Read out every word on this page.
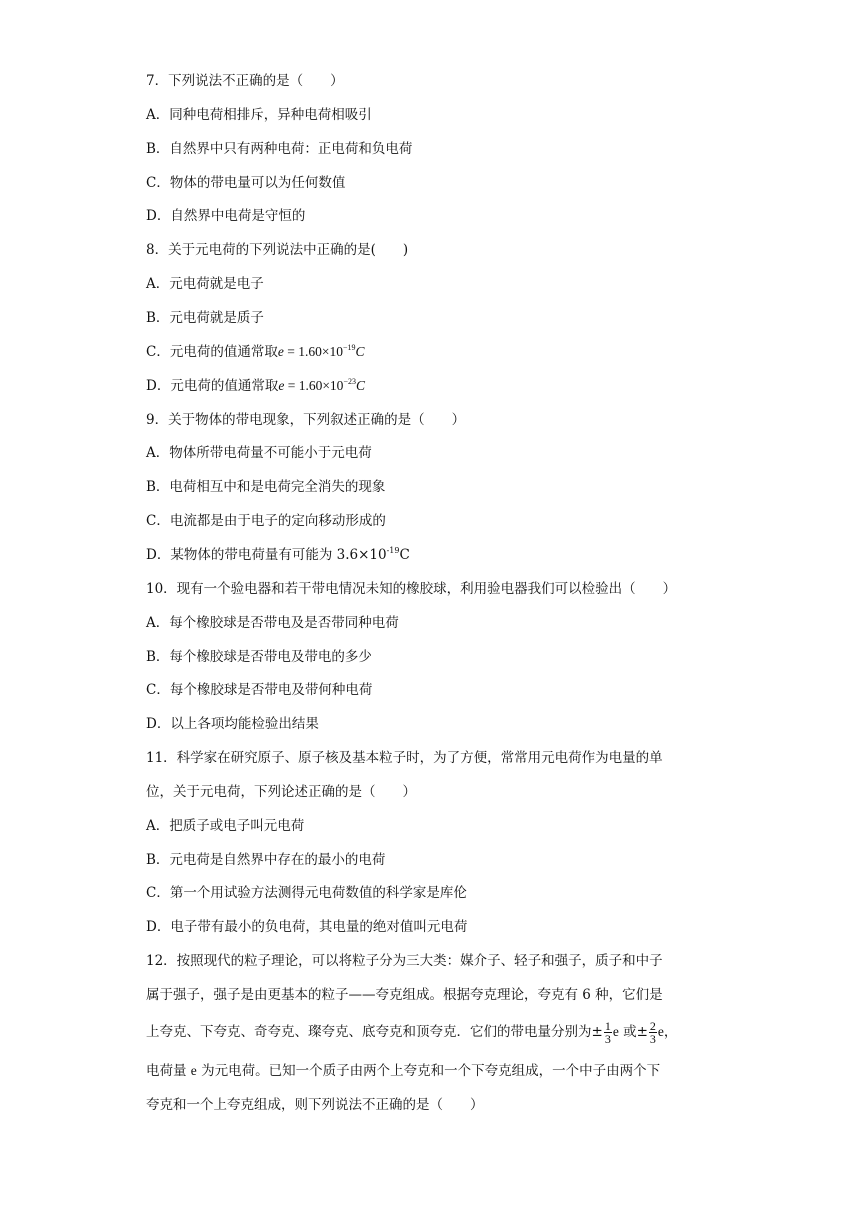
7．下列说法不正确的是（　　）
A．同种电荷相排斥，异种电荷相吸引
B．自然界中只有两种电荷：正电荷和负电荷
C．物体的带电量可以为任何数值
D．自然界中电荷是守恒的
8．关于元电荷的下列说法中正确的是(　　)
A．元电荷就是电子
B．元电荷就是质子
C．元电荷的值通常取$e = 1.60\times 10^{-19}C$
D．元电荷的值通常取$e = 1.60\times 10^{-23}C$
9．关于物体的带电现象，下列叙述正确的是（　　）
A．物体所带电荷量不可能小于元电荷
B．电荷相互中和是电荷完全消失的现象
C．电流都是由于电子的定向移动形成的
D．某物体的带电荷量有可能为 $3.6\times 10^{-19}C$
10．现有一个验电器和若干带电情况未知的橡胶球，利用验电器我们可以检验出（　　）
A．每个橡胶球是否带电及是否带同种电荷
B．每个橡胶球是否带电及带电的多少
C．每个橡胶球是否带电及带何种电荷
D．以上各项均能检验出结果
11．科学家在研究原子、原子核及基本粒子时，为了方便，常常用元电荷作为电量的单
位，关于元电荷，下列论述正确的是（　　）
A．把质子或电子叫元电荷
B．元电荷是自然界中存在的最小的电荷
C．第一个用试验方法测得元电荷数值的科学家是库伦
D．电子带有最小的负电荷，其电量的绝对值叫元电荷
12．按照现代的粒子理论，可以将粒子分为三大类：媒介子、轻子和强子，质子和中子
属于强子，强子是由更基本的粒子——夸克组成。根据夸克理论，夸克有 6 种，它们是
上夸克、下夸克、奇夸克、璨夸克、底夸克和顶夸克．它们的带电量分别为± $\frac{1}{3}$ e 或± $\frac{2}{3}$ e，
电荷量 e 为元电荷。已知一个质子由两个上夸克和一个下夸克组成，一个中子由两个下
夸克和一个上夸克组成，则下列说法不正确的是（　　）
